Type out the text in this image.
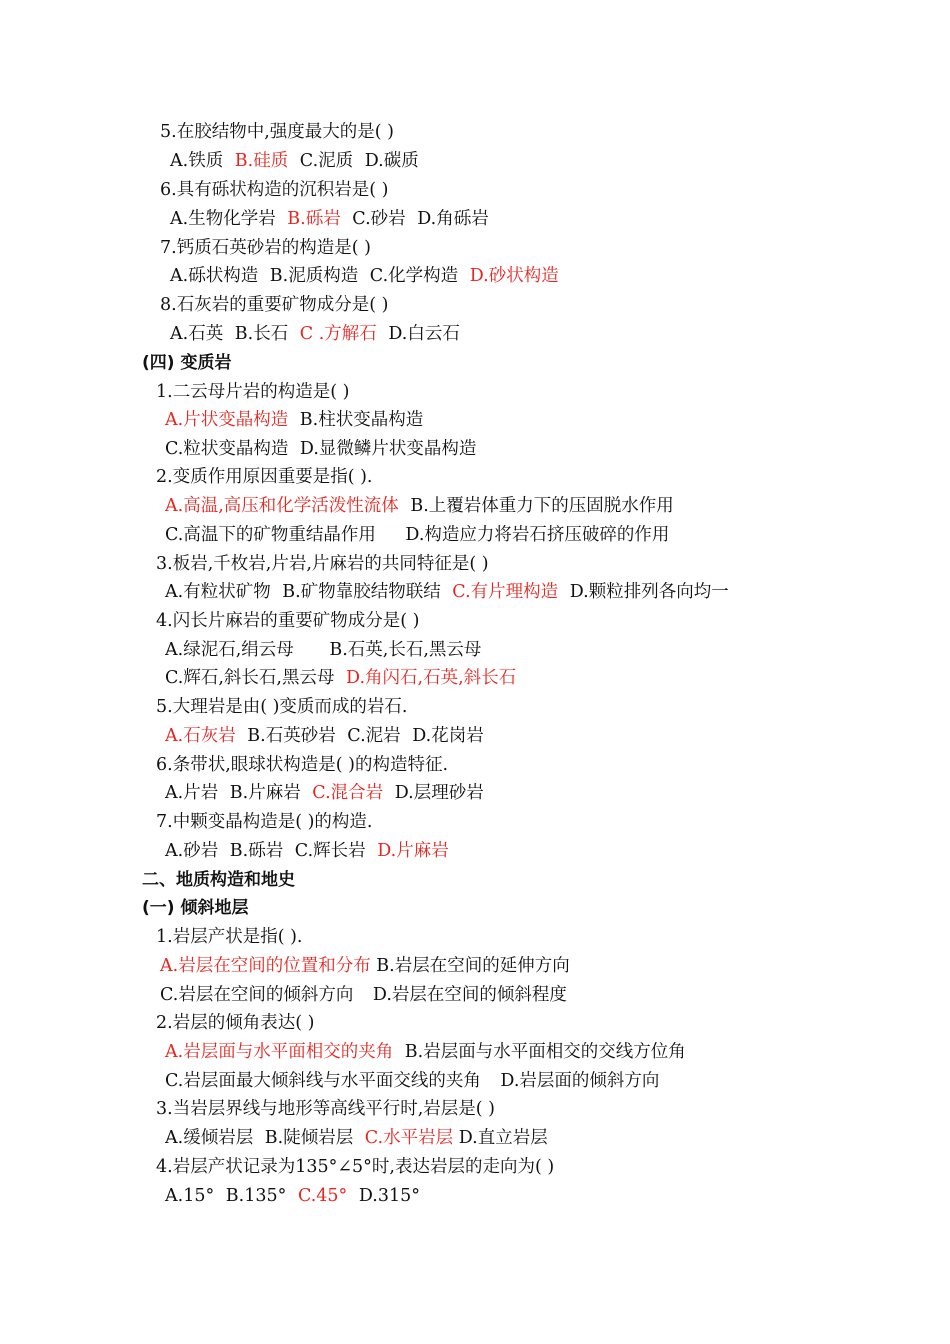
5.在胶结物中,强度最大的是( )
A.铁质 B.硅质 C.泥质 D.碳质
6.具有砾状构造的沉积岩是( )
A.生物化学岩 B.砾岩 C.砂岩 D.角砾岩
7.钙质石英砂岩的构造是( )
A.砾状构造 B.泥质构造 C.化学构造 D.砂状构造
8.石灰岩的重要矿物成分是( )
A.石英 B.长石 C .方解石 D.白云石
(四) 变质岩
1.二云母片岩的构造是( )
A.片状变晶构造 B.柱状变晶构造
C.粒状变晶构造 D.显微鳞片状变晶构造
2.变质作用原因重要是指( ).
A.高温,高压和化学活泼性流体 B.上覆岩体重力下的压固脱水作用
C.高温下的矿物重结晶作用 D.构造应力将岩石挤压破碎的作用
3.板岩,千枚岩,片岩,片麻岩的共同特征是( )
A.有粒状矿物 B.矿物靠胶结物联结 C.有片理构造 D.颗粒排列各向均一
4.闪长片麻岩的重要矿物成分是( )
A.绿泥石,绢云母 B.石英,长石,黑云母
C.辉石,斜长石,黑云母 D.角闪石,石英,斜长石
5.大理岩是由( )变质而成的岩石.
A.石灰岩 B.石英砂岩 C.泥岩 D.花岗岩
6.条带状,眼球状构造是( )的构造特征.
A.片岩 B.片麻岩 C.混合岩 D.层理砂岩
7.中颗变晶构造是( )的构造.
A.砂岩 B.砾岩 C.辉长岩 D.片麻岩
二、地质构造和地史
(一) 倾斜地层
1.岩层产状是指( ).
A.岩层在空间的位置和分布 B.岩层在空间的延伸方向
C.岩层在空间的倾斜方向 D.岩层在空间的倾斜程度
2.岩层的倾角表达( )
A.岩层面与水平面相交的夹角 B.岩层面与水平面相交的交线方位角
C.岩层面最大倾斜线与水平面交线的夹角 D.岩层面的倾斜方向
3.当岩层界线与地形等高线平行时,岩层是( )
A.缓倾岩层 B.陡倾岩层 C.水平岩层 D.直立岩层
4.岩层产状记录为135°∠5°时,表达岩层的走向为( )
A.15° B.135° C.45° D.315°
